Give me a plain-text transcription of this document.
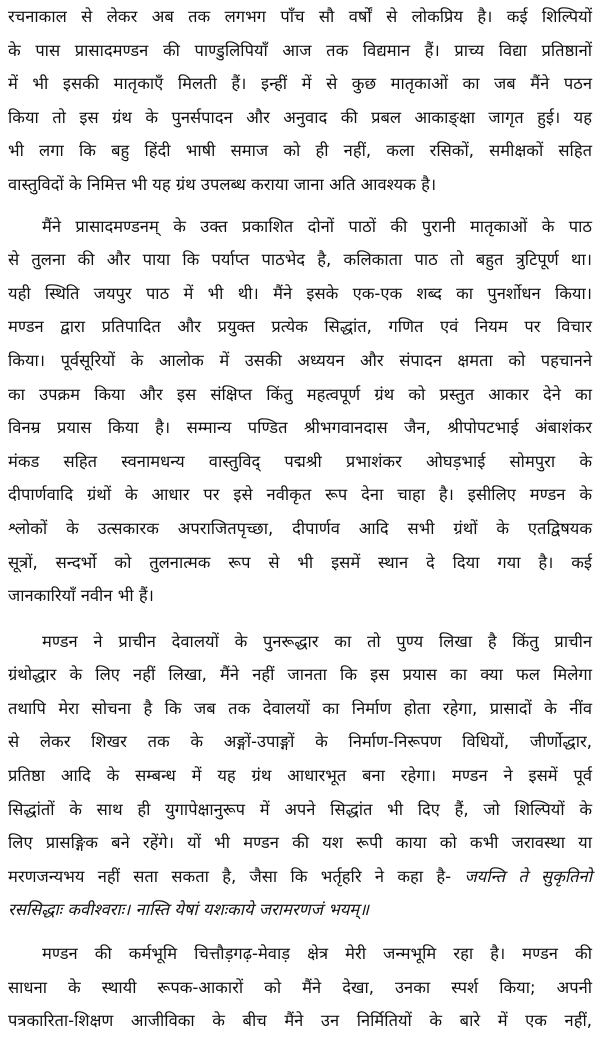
रचनाकाल से लेकर अब तक लगभग पाँच सौ वर्षों से लोकप्रिय है। कई शिल्पियों
के पास प्रासादमण्डन की पाण्डुलिपियाँ आज तक विद्यमान हैं। प्राच्य विद्या प्रतिष्ठानों
में भी इसकी मातृकाएँ मिलती हैं। इन्हीं में से कुछ मातृकाओं का जब मैंने पठन
किया तो इस ग्रंथ के पुनर्सपादन और अनुवाद की प्रबल आकाङ्क्षा जागृत हुई। यह
भी लगा कि बहु हिंदी भाषी समाज को ही नहीं, कला रसिकों, समीक्षकों सहित
वास्तुविदों के निमित्त भी यह ग्रंथ उपलब्ध कराया जाना अति आवश्यक है।
मैंने प्रासादमण्डनम् के उक्त प्रकाशित दोनों पाठों की पुरानी मातृकाओं के पाठ
से तुलना की और पाया कि पर्याप्त पाठभेद है, कलिकाता पाठ तो बहुत त्रुटिपूर्ण था।
यही स्थिति जयपुर पाठ में भी थी। मैंने इसके एक-एक शब्द का पुनर्शोधन किया।
मण्डन द्वारा प्रतिपादित और प्रयुक्त प्रत्येक सिद्धांत, गणित एवं नियम पर विचार
किया। पूर्वसूरियों के आलोक में उसकी अध्ययन और संपादन क्षमता को पहचानने
का उपक्रम किया और इस संक्षिप्त किंतु महत्वपूर्ण ग्रंथ को प्रस्तुत आकार देने का
विनम्र प्रयास किया है। सम्मान्य पण्डित श्रीभगवानदास जैन, श्रीपोपटभाई अंबाशंकर
मंकड सहित स्वनामधन्य वास्तुविद् पद्मश्री प्रभाशंकर ओघड़भाई सोमपुरा के
दीपार्णवादि ग्रंथों के आधार पर इसे नवीकृत रूप देना चाहा है। इसीलिए मण्डन के
श्लोकों के उत्सकारक अपराजितपृच्छा, दीपार्णव आदि सभी ग्रंथों के एतद्विषयक
सूत्रों, सन्दर्भो को तुलनात्मक रूप से भी इसमें स्थान दे दिया गया है। कई
जानकारियाँ नवीन भी हैं।
मण्डन ने प्राचीन देवालयों के पुनरूद्धार का तो पुण्य लिखा है किंतु प्राचीन
ग्रंथोद्धार के लिए नहीं लिखा, मैंने नहीं जानता कि इस प्रयास का क्या फल मिलेगा
तथापि मेरा सोचना है कि जब तक देवालयों का निर्माण होता रहेगा, प्रासादों के नींव
से लेकर शिखर तक के अङ्गों-उपाङ्गों के निर्माण-निरूपण विधियों, जीर्णोद्धार,
प्रतिष्ठा आदि के सम्बन्ध में यह ग्रंथ आधारभूत बना रहेगा। मण्डन ने इसमें पूर्व
सिद्धांतों के साथ ही युगापेक्षानुरूप में अपने सिद्धांत भी दिए हैं, जो शिल्पियों के
लिए प्रासङ्गिक बने रहेंगे। यों भी मण्डन की यश रूपी काया को कभी जरावस्था या
मरणजन्यभय नहीं सता सकता है, जैसा कि भर्तृहरि ने कहा है- जयन्ति ते सुकृतिनो
रससिद्धाः कवीश्वराः। नास्ति येषां यशःकाये जरामरणजं भयम्॥
मण्डन की कर्मभूमि चित्तौड़गढ़-मेवाड़ क्षेत्र मेरी जन्मभूमि रहा है। मण्डन की
साधना के स्थायी रूपक-आकारों को मैंने देखा, उनका स्पर्श किया; अपनी
पत्रकारिता-शिक्षण आजीविका के बीच मैंने उन निर्मितियों के बारे में एक नहीं,
